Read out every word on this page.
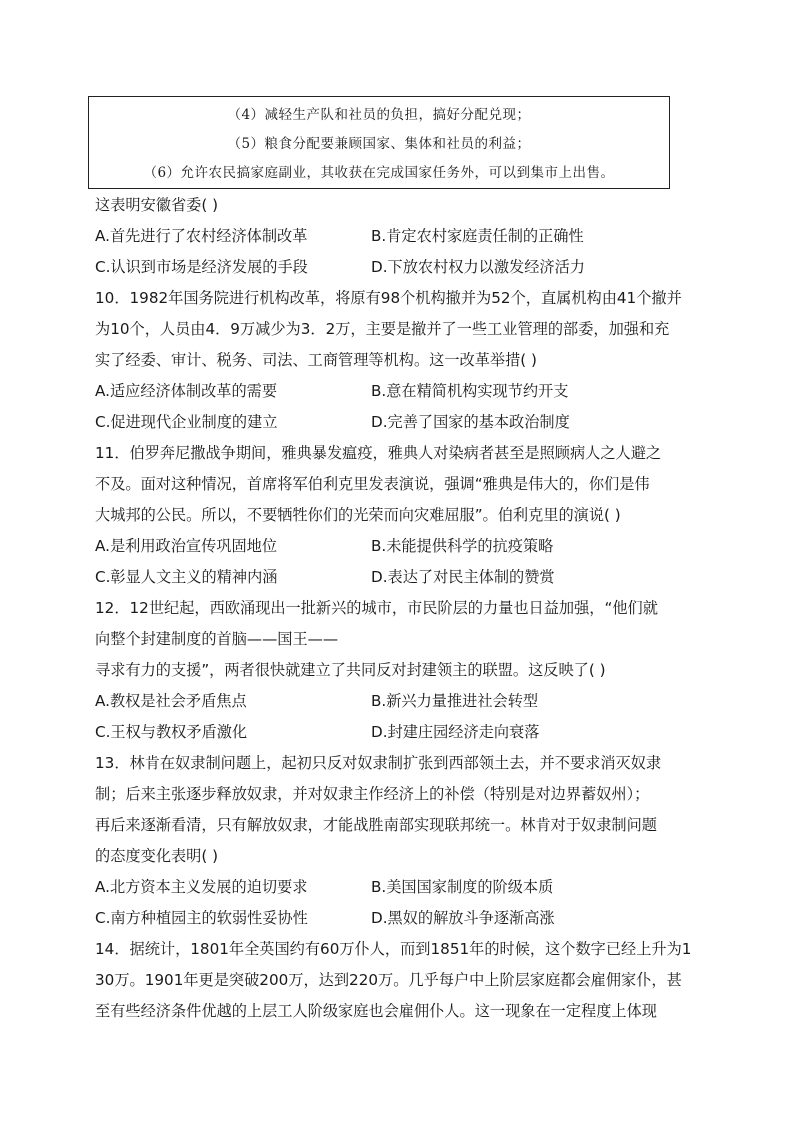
（4）减轻生产队和社员的负担，搞好分配兑现；
（5）粮食分配要兼顾国家、集体和社员的利益；
（6）允许农民搞家庭副业，其收获在完成国家任务外，可以到集市上出售。
这表明安徽省委( )
A.首先进行了农村经济体制改革	B.肯定农村家庭责任制的正确性
C.认识到市场是经济发展的手段	D.下放农村权力以激发经济活力
10．1982年国务院进行机构改革，将原有98个机构撤并为52个，直属机构由41个撤并
为10个，人员由4．9万减少为3．2万，主要是撤并了一些工业管理的部委，加强和充
实了经委、审计、税务、司法、工商管理等机构。这一改革举措( )
A.适应经济体制改革的需要	B.意在精简机构实现节约开支
C.促进现代企业制度的建立	D.完善了国家的基本政治制度
11．伯罗奔尼撒战争期间，雅典暴发瘟疫，雅典人对染病者甚至是照顾病人之人避之
不及。面对这种情况，首席将军伯利克里发表演说，强调“雅典是伟大的，你们是伟
大城邦的公民。所以，不要牺牲你们的光荣而向灾难屈服”。伯利克里的演说( )
A.是利用政治宣传巩固地位	B.未能提供科学的抗疫策略
C.彰显人文主义的精神内涵	D.表达了对民主体制的赞赏
12．12世纪起，西欧涌现出一批新兴的城市，市民阶层的力量也日益加强，“他们就
向整个封建制度的首脑——国王——
寻求有力的支援”，两者很快就建立了共同反对封建领主的联盟。这反映了( )
A.教权是社会矛盾焦点	B.新兴力量推进社会转型
C.王权与教权矛盾激化	D.封建庄园经济走向衰落
13．林肯在奴隶制问题上，起初只反对奴隶制扩张到西部领土去，并不要求消灭奴隶
制；后来主张逐步释放奴隶，并对奴隶主作经济上的补偿（特别是对边界蓄奴州）；
再后来逐渐看清，只有解放奴隶，才能战胜南部实现联邦统一。林肯对于奴隶制问题
的态度变化表明( )
A.北方资本主义发展的迫切要求	B.美国国家制度的阶级本质
C.南方种植园主的软弱性妥协性	D.黑奴的解放斗争逐渐高涨
14．据统计，1801年全英国约有60万仆人，而到1851年的时候，这个数字已经上升为1
30万。1901年更是突破200万，达到220万。几乎每户中上阶层家庭都会雇佣家仆，甚
至有些经济条件优越的上层工人阶级家庭也会雇佣仆人。这一现象在一定程度上体现
